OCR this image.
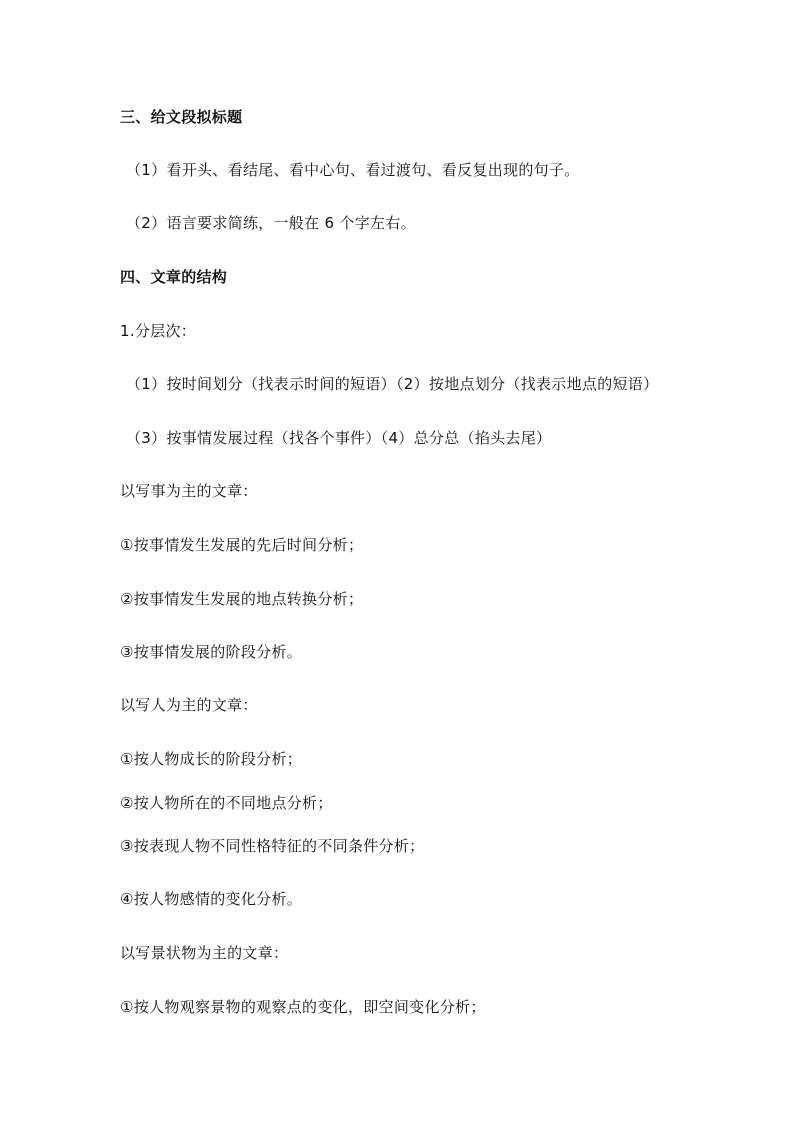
三、给文段拟标题
（1）看开头、看结尾、看中心句、看过渡句、看反复出现的句子。
（2）语言要求简练，一般在 6 个字左右。
四、文章的结构
1.分层次：
（1）按时间划分（找表示时间的短语）（2）按地点划分（找表示地点的短语）
（3）按事情发展过程（找各个事件）（4）总分总（掐头去尾）
以写事为主的文章：
①按事情发生发展的先后时间分析；
②按事情发生发展的地点转换分析；
③按事情发展的阶段分析。
以写人为主的文章：
①按人物成长的阶段分析；
②按人物所在的不同地点分析；
③按表现人物不同性格特征的不同条件分析；
④按人物感情的变化分析。
以写景状物为主的文章：
①按人物观察景物的观察点的变化，即空间变化分析；
